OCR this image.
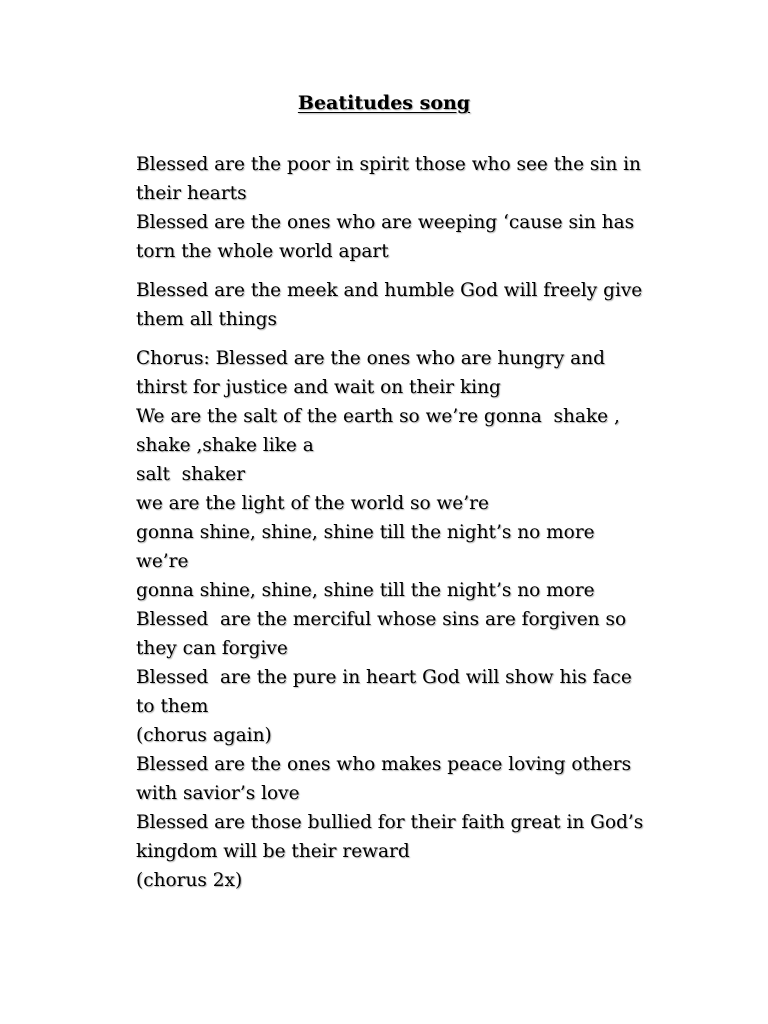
Beatitudes song
Blessed are the poor in spirit those who see the sin in
their hearts
Blessed are the ones who are weeping ‘cause sin has
torn the whole world apart
Blessed are the meek and humble God will freely give
them all things
Chorus: Blessed are the ones who are hungry and
thirst for justice and wait on their king
We are the salt of the earth so we’re gonna  shake ,
shake ,shake like a
salt  shaker
we are the light of the world so we’re
gonna shine, shine, shine till the night’s no more
we’re
gonna shine, shine, shine till the night’s no more
Blessed  are the merciful whose sins are forgiven so
they can forgive
Blessed  are the pure in heart God will show his face
to them
(chorus again)
Blessed are the ones who makes peace loving others
with savior’s love
Blessed are those bullied for their faith great in God’s
kingdom will be their reward
(chorus 2x)
